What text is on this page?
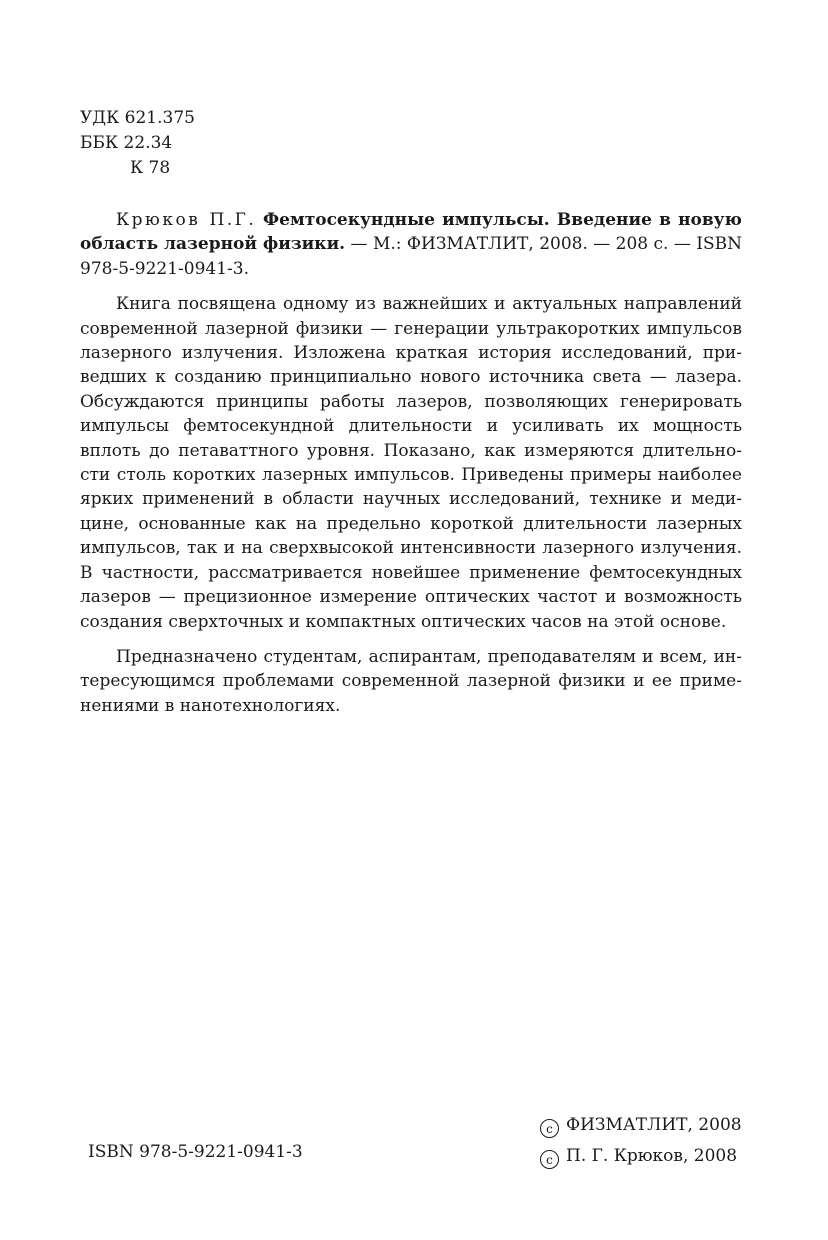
УДК 621.375
ББК 22.34
К 78

Крюков П.Г. Фемтосекундные импульсы. Введение в новую область лазерной физики. — М.: ФИЗМАТЛИТ, 2008. — 208 с. — ISBN 978-5-9221-0941-3.

Книга посвящена одному из важнейших и актуальных направлений современной лазерной физики — генерации ультракоротких импульсов лазерного излучения. Изложена краткая история исследований, приведших к созданию принципиально нового источника света — лазера. Обсуждаются принципы работы лазеров, позволяющих генерировать импульсы фемтосекундной длительности и усиливать их мощность вплоть до петаваттного уровня. Показано, как измеряются длительности столь коротких лазерных импульсов. Приведены примеры наиболее ярких применений в области научных исследований, технике и медицине, основанные как на предельно короткой длительности лазерных импульсов, так и на сверхвысокой интенсивности лазерного излучения. В частности, рассматривается новейшее применение фемтосекундных лазеров — прецизионное измерение оптических частот и возможность создания сверхточных и компактных оптических часов на этой основе.

Предназначено студентам, аспирантам, преподавателям и всем, интересующимся проблемами современной лазерной физики и ее применениями в нанотехнологиях.

ISBN 978-5-9221-0941-3
c ФИЗМАТЛИТ, 2008
c П. Г. Крюков, 2008
